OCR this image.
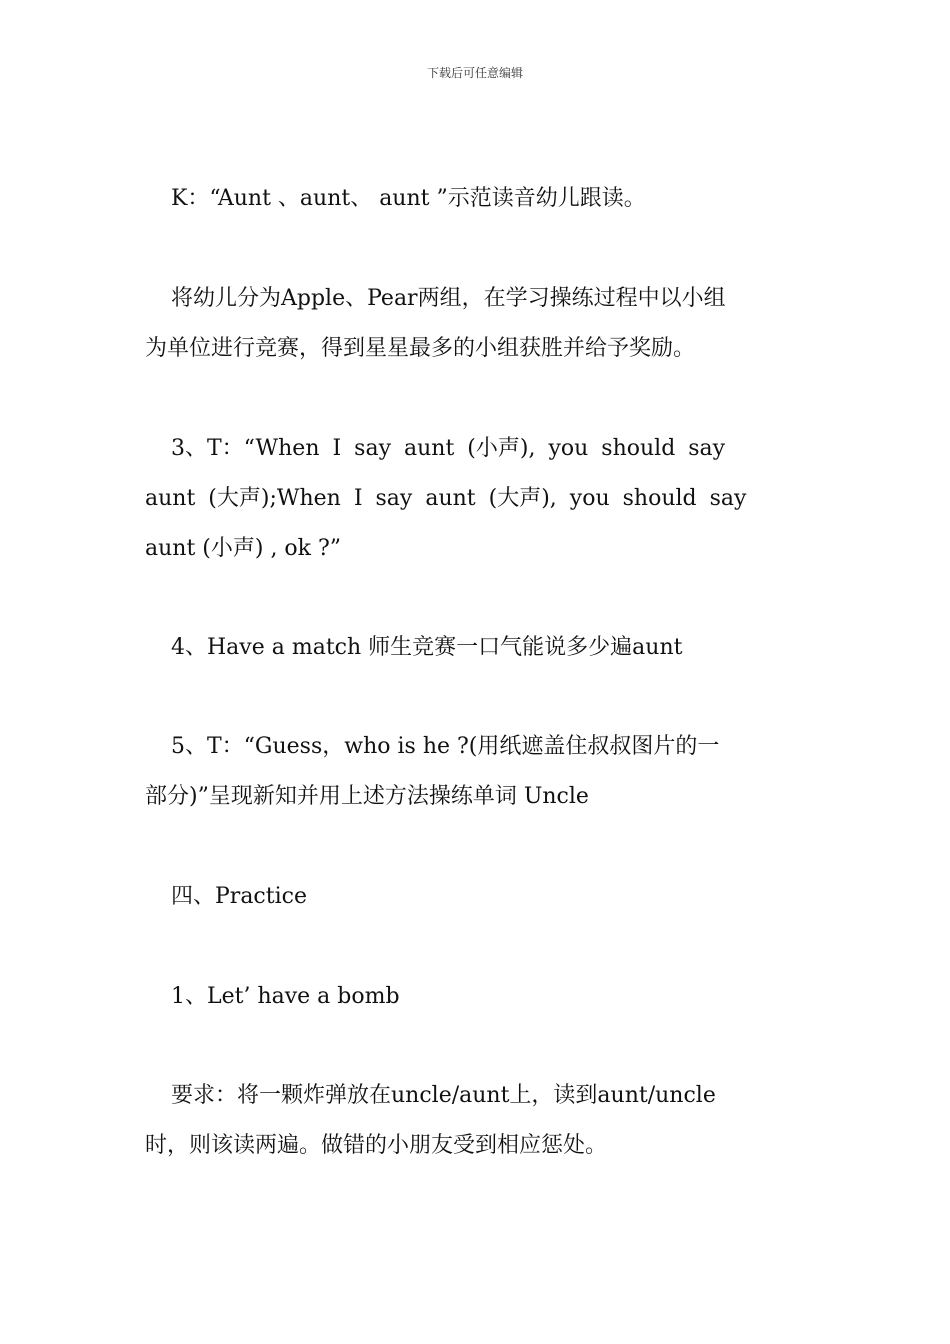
下载后可任意编辑
K：“Aunt 、aunt、 aunt ”示范读音幼儿跟读。
将幼儿分为Apple、Pear两组，在学习操练过程中以小组
为单位进行竞赛，得到星星最多的小组获胜并给予奖励。
3、T：“When I say aunt (小声), you should say
aunt (大声);When I say aunt (大声), you should say
aunt (小声) , ok ?”
4、Have a match 师生竞赛一口气能说多少遍aunt
5、T：“Guess，who is he ?(用纸遮盖住叔叔图片的一
部分)”呈现新知并用上述方法操练单词 Uncle
四、Practice
1、Let’ have a bomb
要求：将一颗炸弹放在uncle/aunt上，读到aunt/uncle
时，则该读两遍。做错的小朋友受到相应惩处。
